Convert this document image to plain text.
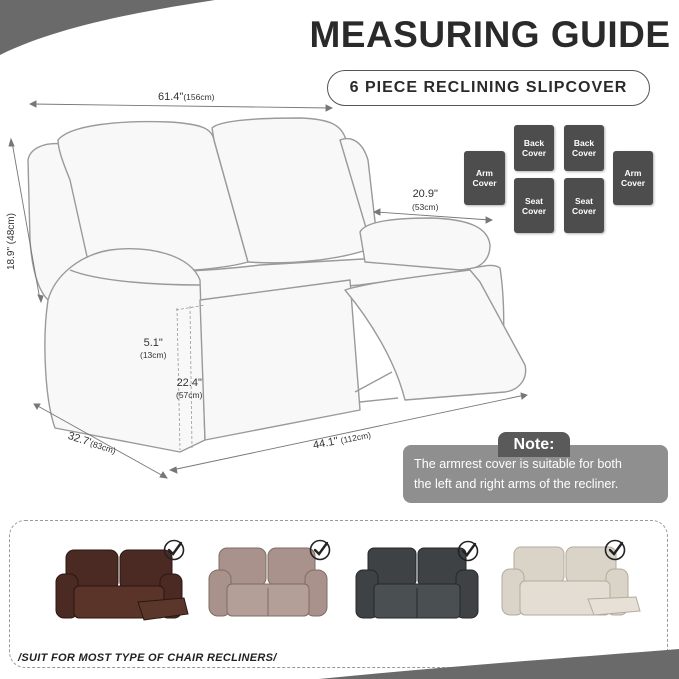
MEASURING GUIDE
6 PIECE RECLINING SLIPCOVER
61.4"(156cm)
18.9" (48cm)
20.9"
(53cm)
5.1"
(13cm)
22.4"
(57cm)
32.7'(83cm)	44.1" (112cm)
Arm
Cover
Back
Cover
Back
Cover
Arm
Cover
Seat
Cover
Seat
Cover
The armrest cover is suitable for both
the left and right arms of the recliner.
Note:
/SUIT FOR MOST TYPE OF CHAIR RECLINERS/
